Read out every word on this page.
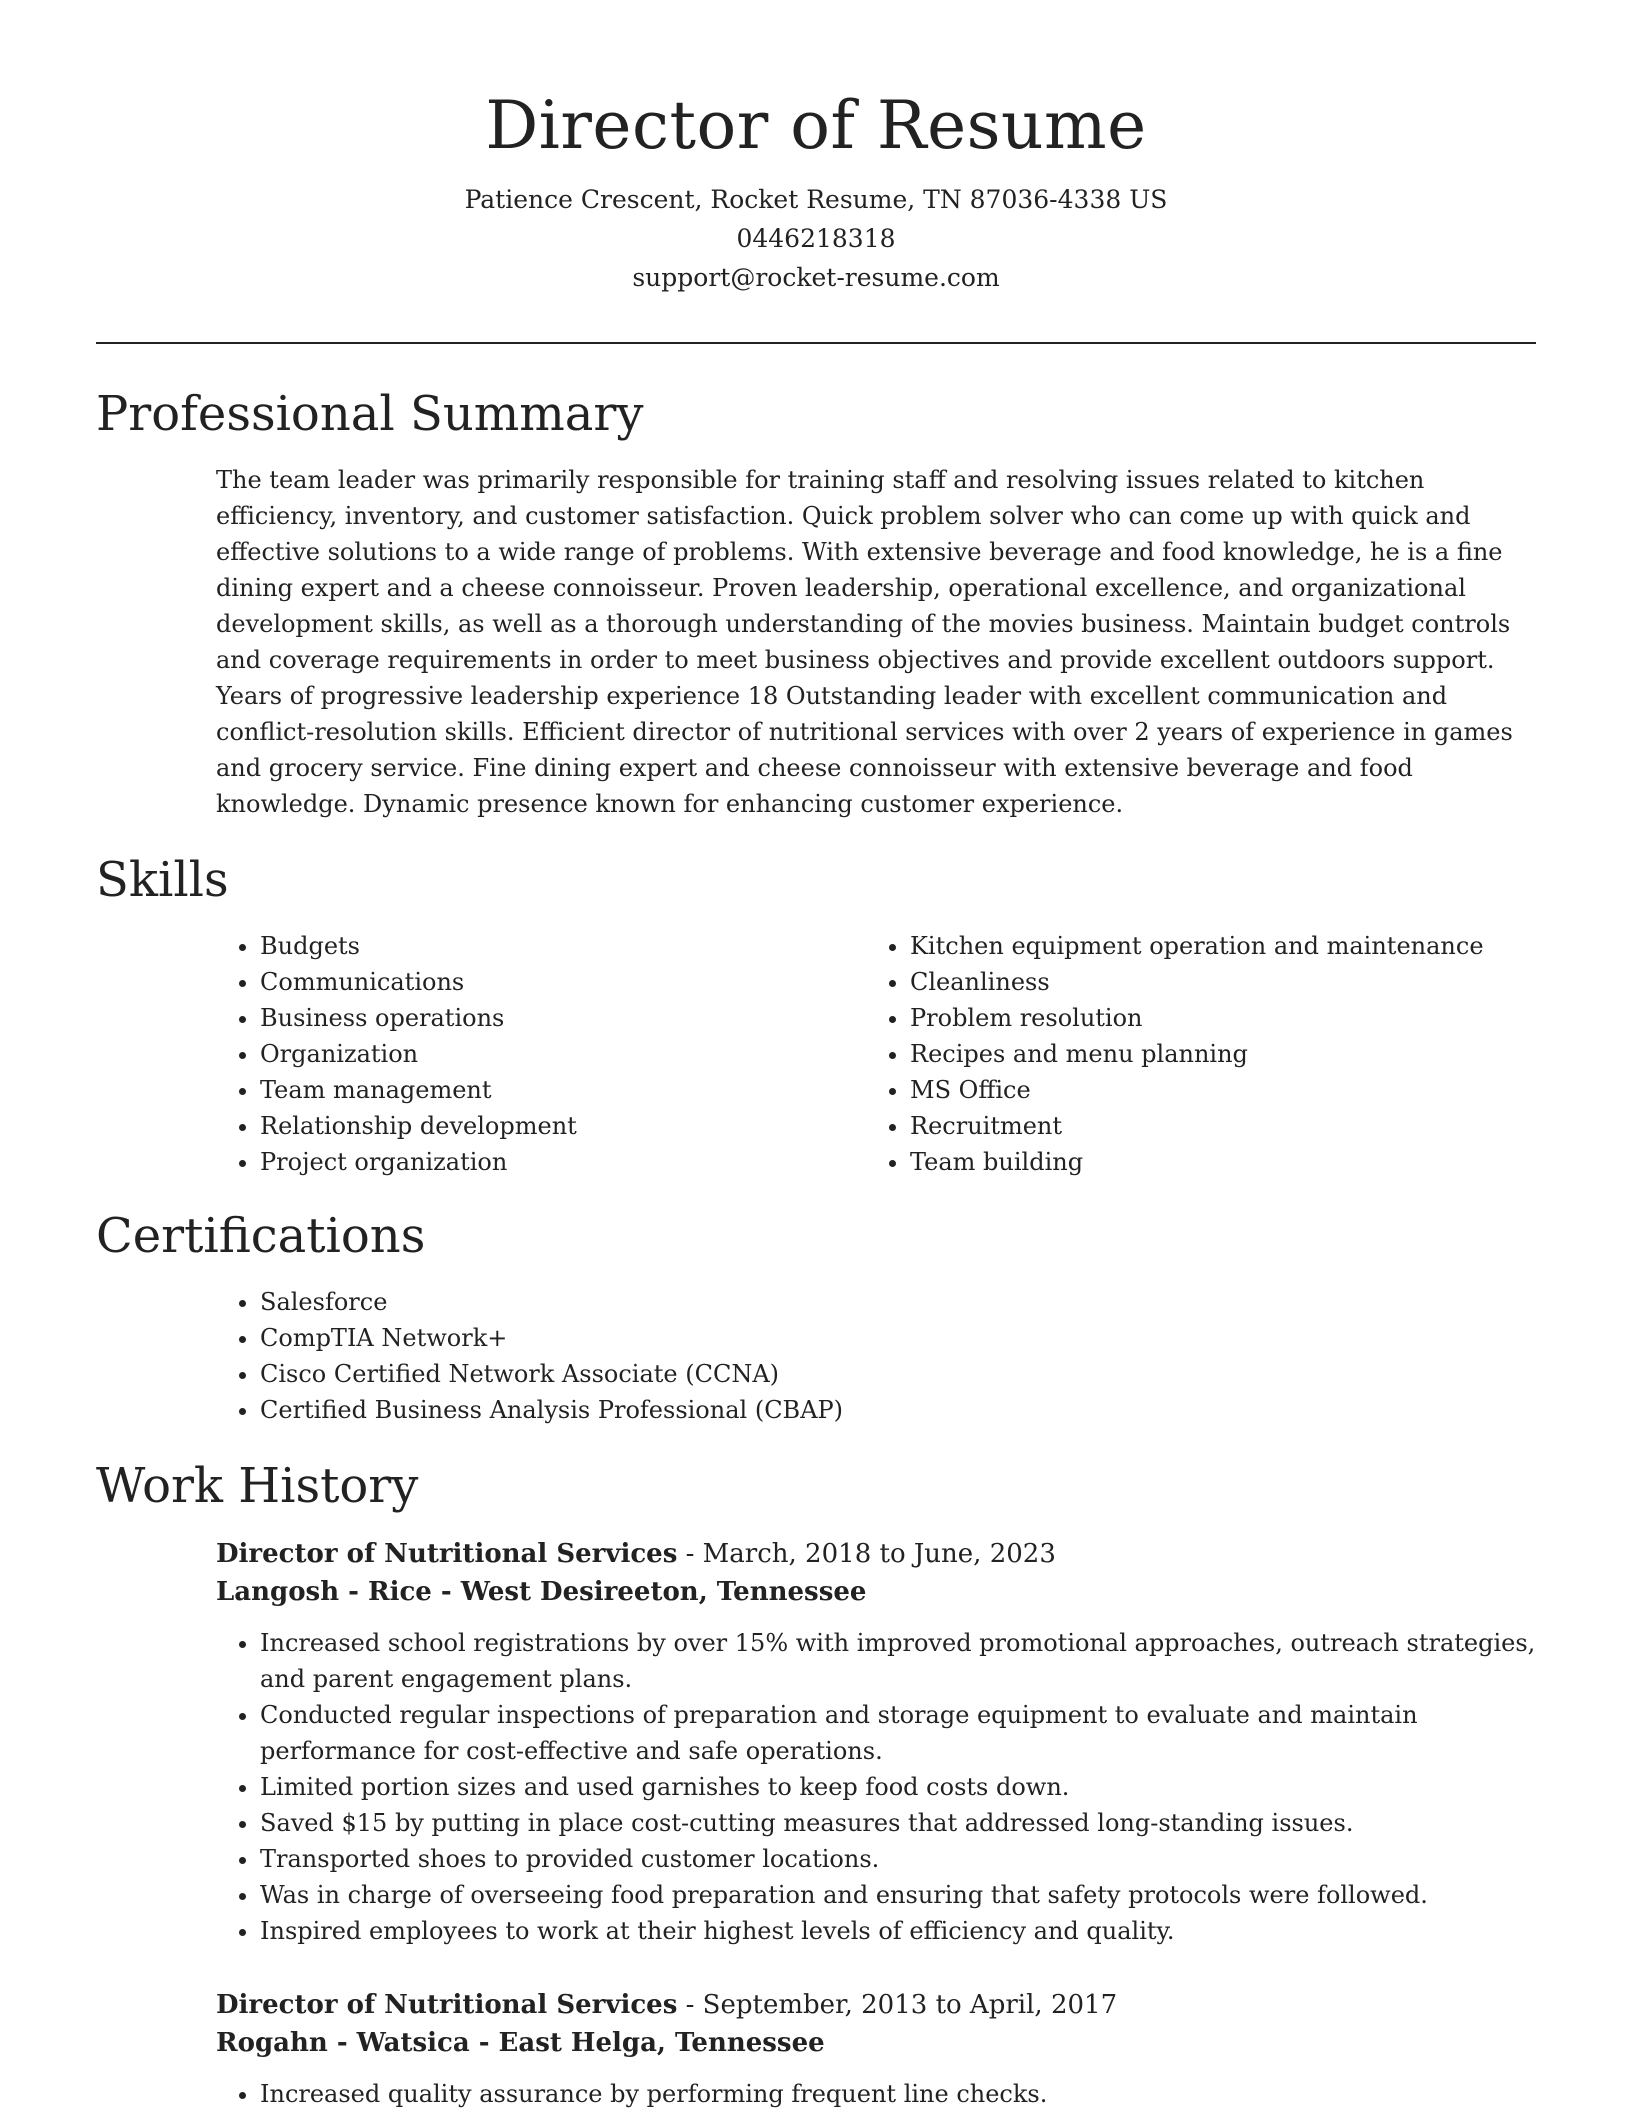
Director of Resume
Patience Crescent, Rocket Resume, TN 87036-4338 US
0446218318
support@rocket-resume.com
Professional Summary
The team leader was primarily responsible for training staff and resolving issues related to kitchen efficiency, inventory, and customer satisfaction. Quick problem solver who can come up with quick and effective solutions to a wide range of problems. With extensive beverage and food knowledge, he is a fine dining expert and a cheese connoisseur. Proven leadership, operational excellence, and organizational development skills, as well as a thorough understanding of the movies business. Maintain budget controls and coverage requirements in order to meet business objectives and provide excellent outdoors support. Years of progressive leadership experience 18 Outstanding leader with excellent communication and conflict-resolution skills. Efficient director of nutritional services with over 2 years of experience in games and grocery service. Fine dining expert and cheese connoisseur with extensive beverage and food knowledge. Dynamic presence known for enhancing customer experience.
Skills
• Budgets
• Communications
• Business operations
• Organization
• Team management
• Relationship development
• Project organization
• Kitchen equipment operation and maintenance
• Cleanliness
• Problem resolution
• Recipes and menu planning
• MS Office
• Recruitment
• Team building
Certifications
• Salesforce
• CompTIA Network+
• Cisco Certified Network Associate (CCNA)
• Certified Business Analysis Professional (CBAP)
Work History
Director of Nutritional Services - March, 2018 to June, 2023
Langosh - Rice - West Desireeton, Tennessee
• Increased school registrations by over 15% with improved promotional approaches, outreach strategies, and parent engagement plans.
• Conducted regular inspections of preparation and storage equipment to evaluate and maintain performance for cost-effective and safe operations.
• Limited portion sizes and used garnishes to keep food costs down.
• Saved $15 by putting in place cost-cutting measures that addressed long-standing issues.
• Transported shoes to provided customer locations.
• Was in charge of overseeing food preparation and ensuring that safety protocols were followed.
• Inspired employees to work at their highest levels of efficiency and quality.
Director of Nutritional Services - September, 2013 to April, 2017
Rogahn - Watsica - East Helga, Tennessee
• Increased quality assurance by performing frequent line checks.
